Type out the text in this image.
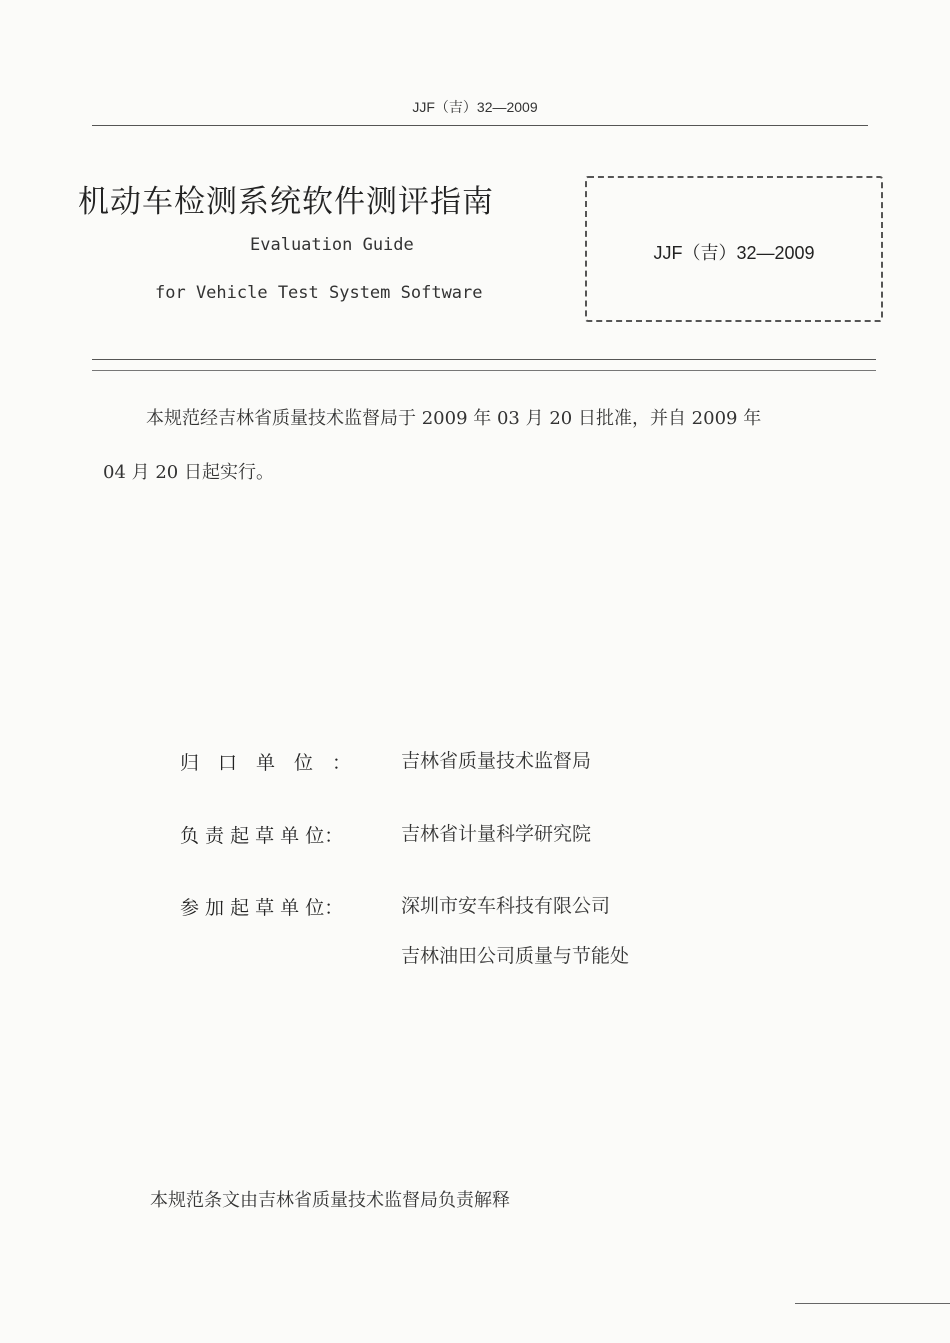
JJF（吉）32—2009
机动车检测系统软件测评指南
Evaluation Guide
for Vehicle Test System Software
JJF（吉）32—2009
本规范经吉林省质量技术监督局于 2009 年 03 月 20 日批准，并自 2009 年
04 月 20 日起实行。
归　口　单　位　：	吉林省质量技术监督局
负 责 起 草 单 位：	吉林省计量科学研究院
参 加 起 草 单 位：	深圳市安车科技有限公司
吉林油田公司质量与节能处
本规范条文由吉林省质量技术监督局负责解释
